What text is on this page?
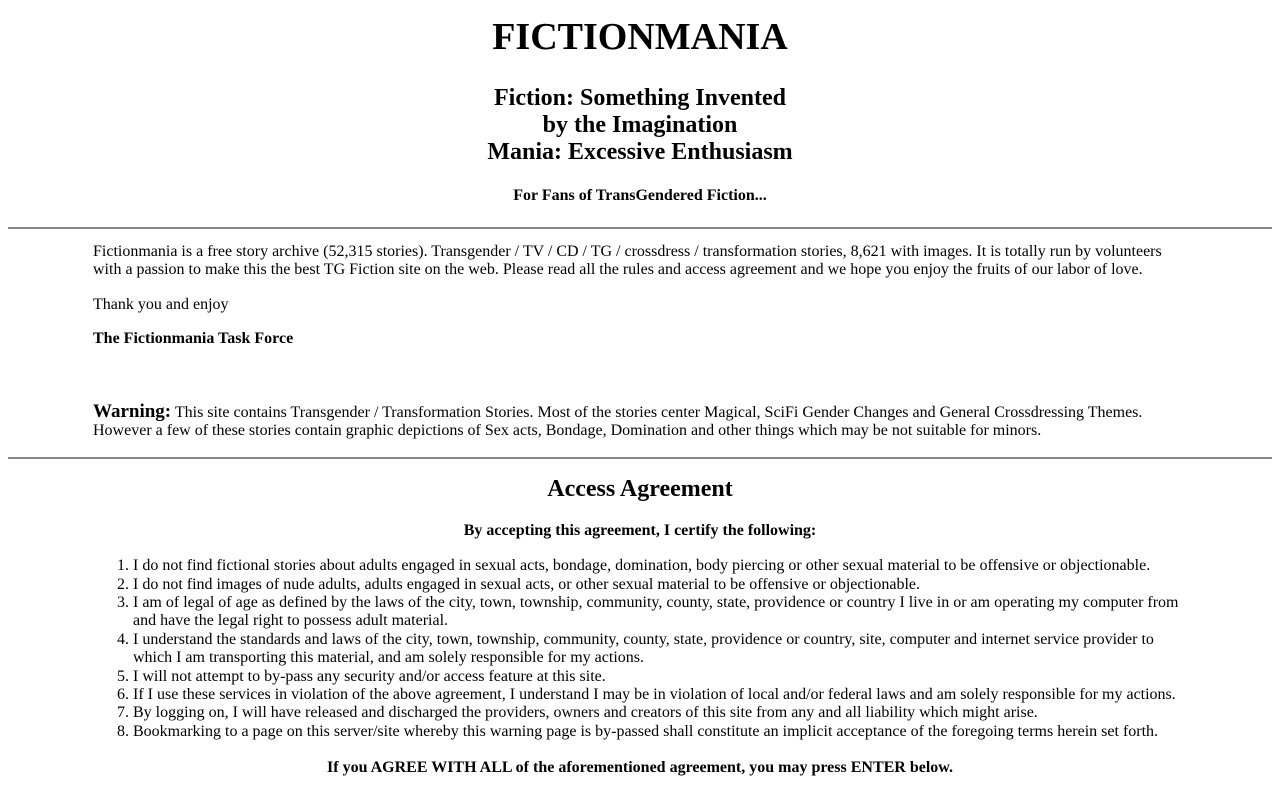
FICTIONMANIA
Fiction: Something Invented
by the Imagination
Mania: Excessive Enthusiasm
For Fans of TransGendered Fiction...

Fictionmania is a free story archive (52,315 stories). Transgender / TV / CD / TG / crossdress / transformation stories, 8,621 with images. It is totally run by volunteers with a passion to make this the best TG Fiction site on the web. Please read all the rules and access agreement and we hope you enjoy the fruits of our labor of love.

Thank you and enjoy

The Fictionmania Task Force

Warning: This site contains Transgender / Transformation Stories. Most of the stories center Magical, SciFi Gender Changes and General Crossdressing Themes. However a few of these stories contain graphic depictions of Sex acts, Bondage, Domination and other things which may be not suitable for minors.

Access Agreement
By accepting this agreement, I certify the following:
1. I do not find fictional stories about adults engaged in sexual acts, bondage, domination, body piercing or other sexual material to be offensive or objectionable.
2. I do not find images of nude adults, adults engaged in sexual acts, or other sexual material to be offensive or objectionable.
3. I am of legal of age as defined by the laws of the city, town, township, community, county, state, providence or country I live in or am operating my computer from and have the legal right to possess adult material.
4. I understand the standards and laws of the city, town, township, community, county, state, providence or country, site, computer and internet service provider to which I am transporting this material, and am solely responsible for my actions.
5. I will not attempt to by-pass any security and/or access feature at this site.
6. If I use these services in violation of the above agreement, I understand I may be in violation of local and/or federal laws and am solely responsible for my actions.
7. By logging on, I will have released and discharged the providers, owners and creators of this site from any and all liability which might arise.
8. Bookmarking to a page on this server/site whereby this warning page is by-passed shall constitute an implicit acceptance of the foregoing terms herein set forth.
If you AGREE WITH ALL of the aforementioned agreement, you may press ENTER below.
